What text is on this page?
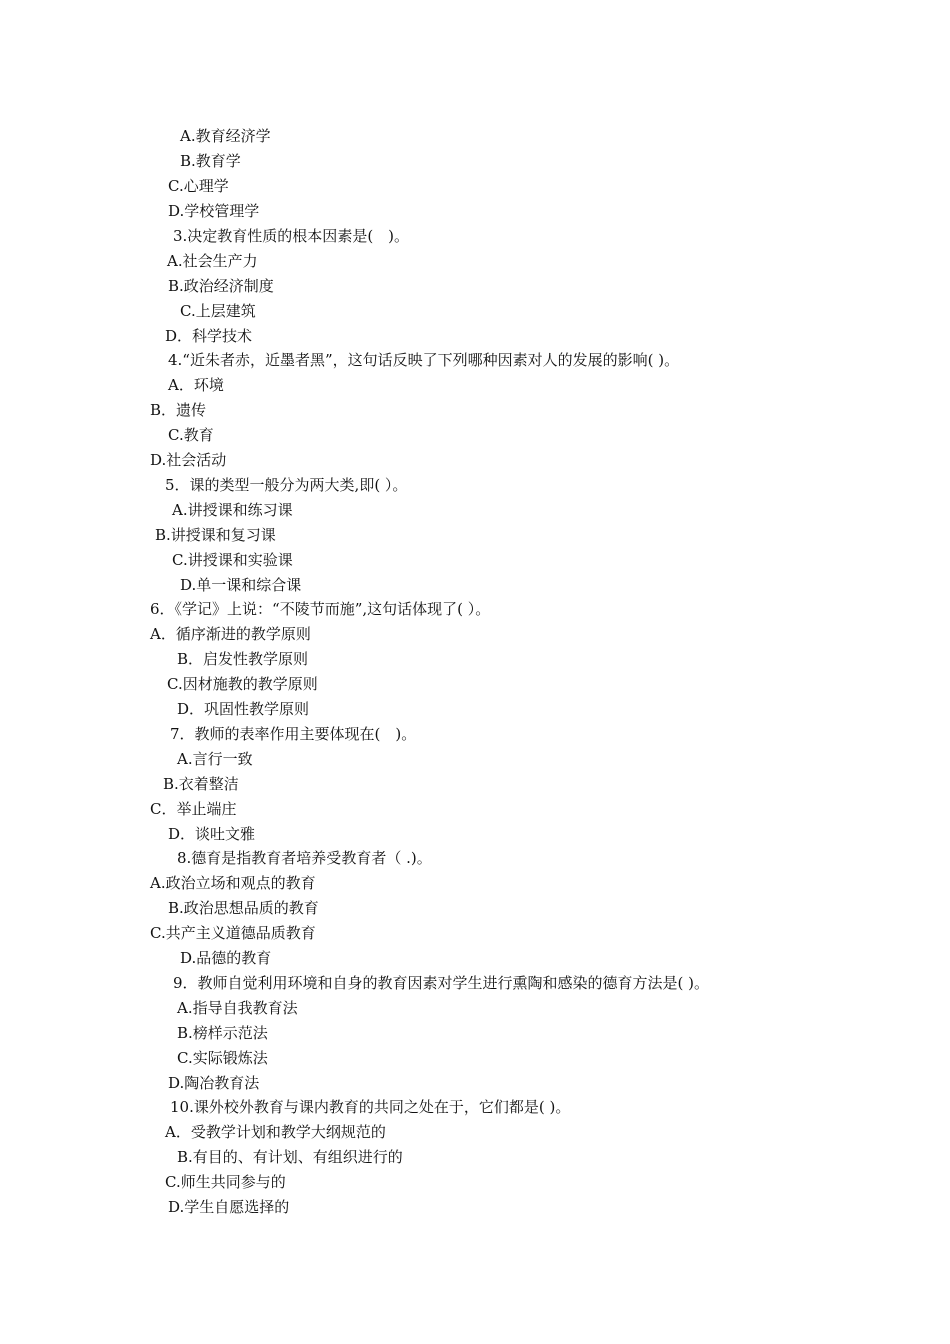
A.教育经济学
B.教育学
C.心理学
D.学校管理学
3.决定教育性质的根本因素是(　)。
A.社会生产力
B.政治经济制度
C.上层建筑
D．科学技术
4.“近朱者赤，近墨者黑”，这句话反映了下列哪种因素对人的发展的影响( )。
A．环境
B．遗传
C.教育
D.社会活动
5．课的类型一般分为两大类,即( ）。
A.讲授课和练习课
B.讲授课和复习课
C.讲授课和实验课
D.单一课和综合课
6．《学记》上说：“不陵节而施”,这句话体现了( ）。
A．循序渐进的教学原则
B．启发性教学原则
C.因材施教的教学原则
D．巩固性教学原则
7．教师的表率作用主要体现在(　)。
A.言行一致
B.衣着整洁
C．举止端庄
D．谈吐文雅
8.德育是指教育者培养受教育者（ .)。
A.政治立场和观点的教育
B.政治思想品质的教育
C.共产主义道德品质教育
D.品德的教育
9．教师自觉利用环境和自身的教育因素对学生进行熏陶和感染的德育方法是( )。
A.指导自我教育法
B.榜样示范法
C.实际锻炼法
D.陶冶教育法
10.课外校外教育与课内教育的共同之处在于，它们都是( )。
A．受教学计划和教学大纲规范的
B.有目的、有计划、有组织进行的
C.师生共同参与的
D.学生自愿选择的
